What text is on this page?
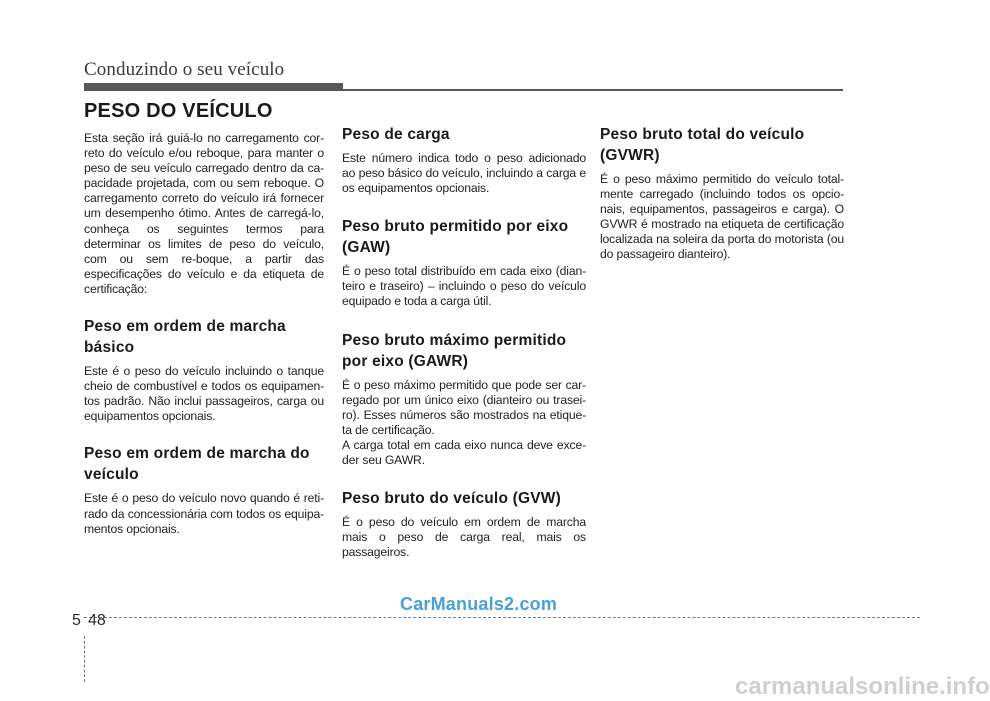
Conduzindo o seu veículo
PESO DO VEÍCULO

Esta seção irá guiá-lo no carregamento cor-reto do veículo e/ou reboque, para manter o peso de seu veículo carregado dentro da ca-pacidade projetada, com ou sem reboque. O carregamento correto do veículo irá fornecer um desempenho ótimo. Antes de carregá-lo, conheça os seguintes termos para determinar os limites de peso do veículo, com ou sem re-boque, a partir das especificações do veículo e da etiqueta de certificação:

Peso em ordem de marcha básico

Este é o peso do veículo incluindo o tanque cheio de combustível e todos os equipamen-tos padrão. Não inclui passageiros, carga ou equipamentos opcionais.

Peso em ordem de marcha do veículo

Este é o peso do veículo novo quando é reti-rado da concessionária com todos os equipa-mentos opcionais.

Peso de carga

Este número indica todo o peso adicionado ao peso básico do veículo, incluindo a carga e os equipamentos opcionais.

Peso bruto permitido por eixo (GAW)

É o peso total distribuído em cada eixo (dian-teiro e traseiro) – incluindo o peso do veículo equipado e toda a carga útil.

Peso bruto máximo permitido por eixo (GAWR)

É o peso máximo permitido que pode ser car-regado por um único eixo (dianteiro ou trasei-ro). Esses números são mostrados na etique-ta de certificação.

A carga total em cada eixo nunca deve exce-der seu GAWR.

Peso bruto do veículo (GVW)

É o peso do veículo em ordem de marcha mais o peso de carga real, mais os passageiros.

Peso bruto total do veículo (GVWR)

É o peso máximo permitido do veículo total-mente carregado (incluindo todos os opcio-nais, equipamentos, passageiros e carga). O GVWR é mostrado na etiqueta de certificação localizada na soleira da porta do motorista (ou do passageiro dianteiro).

5 48
CarManuals2.com
carmanualsonline.info
